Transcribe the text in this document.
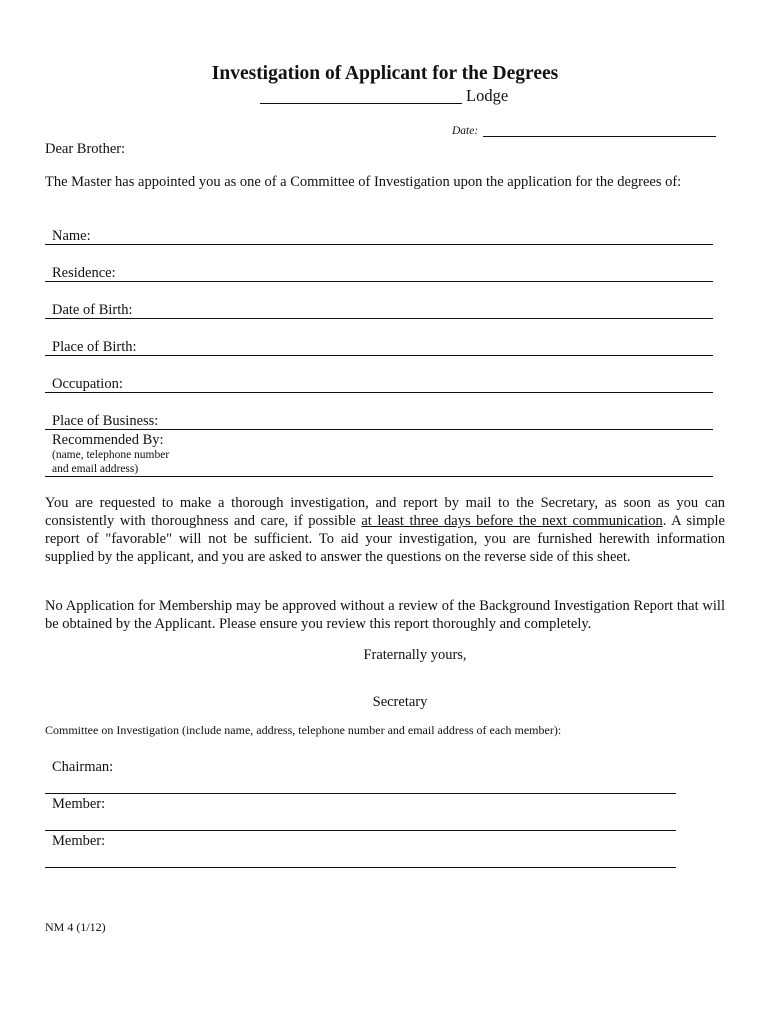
Investigation of Applicant for the Degrees
Lodge
Date:
Dear Brother:
The Master has appointed you as one of a Committee of Investigation upon the application for the degrees of:
Name:
Residence:
Date of Birth:
Place of Birth:
Occupation:
Place of Business:
Recommended By:
(name, telephone number
and email address)
You are requested to make a thorough investigation, and report by mail to the Secretary, as soon as you can consistently with thoroughness and care, if possible at least three days before the next communication. A simple report of "favorable" will not be sufficient. To aid your investigation, you are furnished herewith information supplied by the applicant, and you are asked to answer the questions on the reverse side of this sheet.
No Application for Membership may be approved without a review of the Background Investigation Report that will be obtained by the Applicant. Please ensure you review this report thoroughly and completely.
Fraternally yours,
Secretary
Committee on Investigation (include name, address, telephone number and email address of each member):
Chairman:
Member:
Member:
NM 4 (1/12)
